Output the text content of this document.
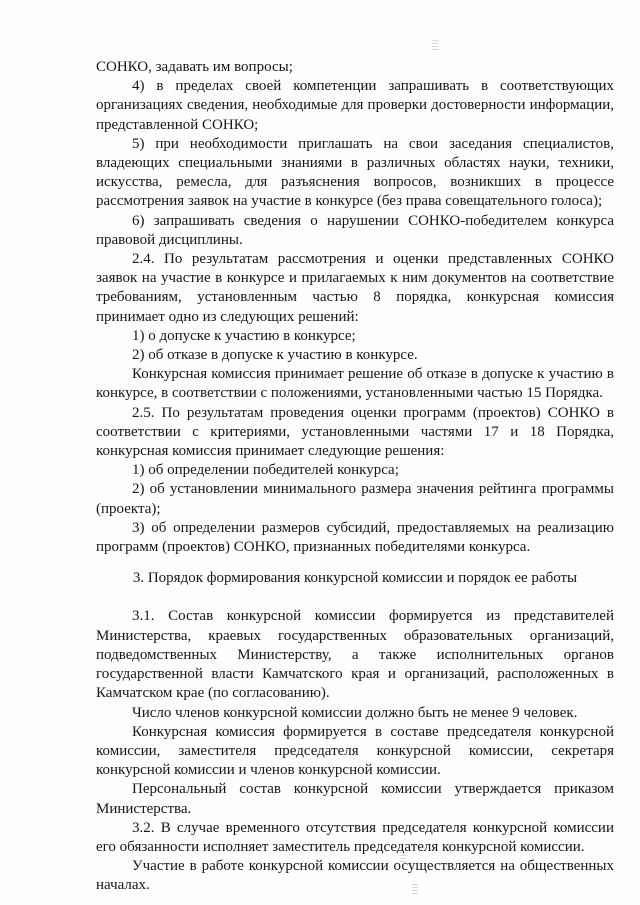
СОНКО, задавать им вопросы;

4) в пределах своей компетенции запрашивать в соответствующих организациях сведения, необходимые для проверки достоверности информации, представленной СОНКО;

5) при необходимости приглашать на свои заседания специалистов, владеющих специальными знаниями в различных областях науки, техники, искусства, ремесла, для разъяснения вопросов, возникших в процессе рассмотрения заявок на участие в конкурсе (без права совещательного голоса);

6) запрашивать сведения о нарушении СОНКО-победителем конкурса правовой дисциплины.

2.4. По результатам рассмотрения и оценки представленных СОНКО заявок на участие в конкурсе и прилагаемых к ним документов на соответствие требованиям, установленным частью 8 порядка, конкурсная комиссия принимает одно из следующих решений:

1) о допуске к участию в конкурсе;

2) об отказе в допуске к участию в конкурсе.

Конкурсная комиссия принимает решение об отказе в допуске к участию в конкурсе, в соответствии с положениями, установленными частью 15 Порядка.

2.5. По результатам проведения оценки программ (проектов) СОНКО в соответствии с критериями, установленными частями 17 и 18 Порядка, конкурсная комиссия принимает следующие решения:

1) об определении победителей конкурса;

2) об установлении минимального размера значения рейтинга программы (проекта);

3) об определении размеров субсидий, предоставляемых на реализацию программ (проектов) СОНКО, признанных победителями конкурса.

3. Порядок формирования конкурсной комиссии и порядок ее работы

3.1. Состав конкурсной комиссии формируется из представителей Министерства, краевых государственных образовательных организаций, подведомственных Министерству, а также исполнительных органов государственной власти Камчатского края и организаций, расположенных в Камчатском крае (по согласованию).

Число членов конкурсной комиссии должно быть не менее 9 человек.

Конкурсная комиссия формируется в составе председателя конкурсной комиссии, заместителя председателя конкурсной комиссии, секретаря конкурсной комиссии и членов конкурсной комиссии.

Персональный состав конкурсной комиссии утверждается приказом Министерства.

3.2. В случае временного отсутствия председателя конкурсной комиссии его обязанности исполняет заместитель председателя конкурсной комиссии.

Участие в работе конкурсной комиссии осуществляется на общественных началах.
